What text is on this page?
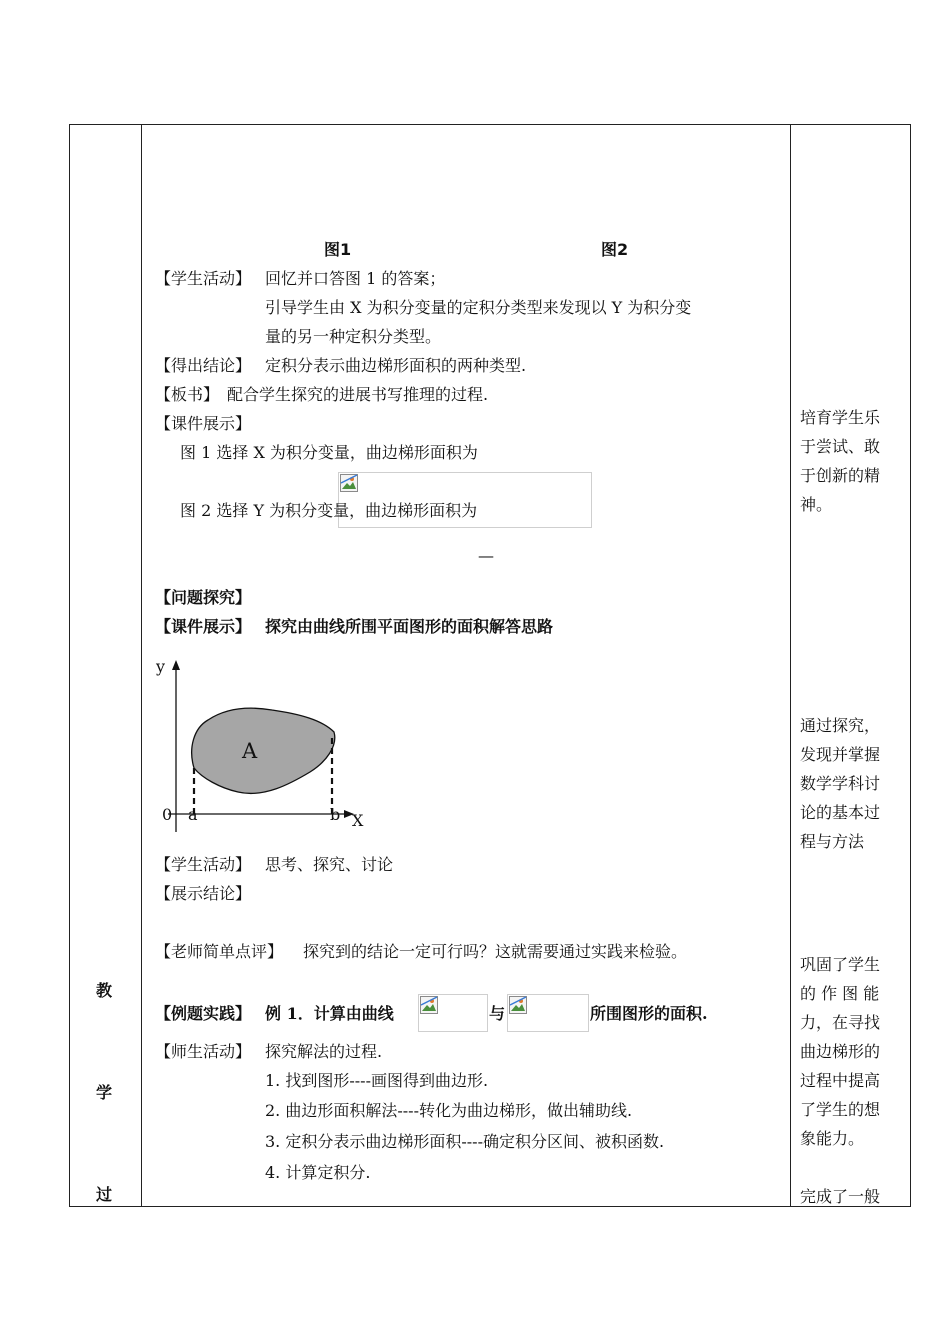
教
学
过
图1	图2
【学生活动】 回忆并口答图 1 的答案；
引导学生由 X 为积分变量的定积分类型来发现以 Y 为积分变
量的另一种定积分类型。
【得出结论】 定积分表示曲边梯形面积的两种类型.
【板书】 配合学生探究的进展书写推理的过程.
【课件展示】
图 1 选择 X 为积分变量，曲边梯形面积为
图 2 选择 Y 为积分变量，曲边梯形面积为
—
【问题探究】
【课件展示】 探究由曲线所围平面图形的面积解答思路
A
y
X
0 a	b
【学生活动】 思考、探究、讨论
【展示结论】
【老师简单点评】 探究到的结论一定可行吗？这就需要通过实践来检验。
【例题实践】 例 1．计算由曲线	与	所围图形的面积.
【师生活动】 探究解法的过程.
1. 找到图形----画图得到曲边形.
2. 曲边形面积解法----转化为曲边梯形，做出辅助线.
3. 定积分表示曲边梯形面积----确定积分区间、被积函数.
4. 计算定积分.
培育学生乐
于尝试、敢
于创新的精
神。
通过探究，
发现并掌握
数学学科讨
论的基本过
程与方法
巩固了学生
的 作 图 能
力，在寻找
曲边梯形的
过程中提高
了学生的想
象能力。
完成了一般
